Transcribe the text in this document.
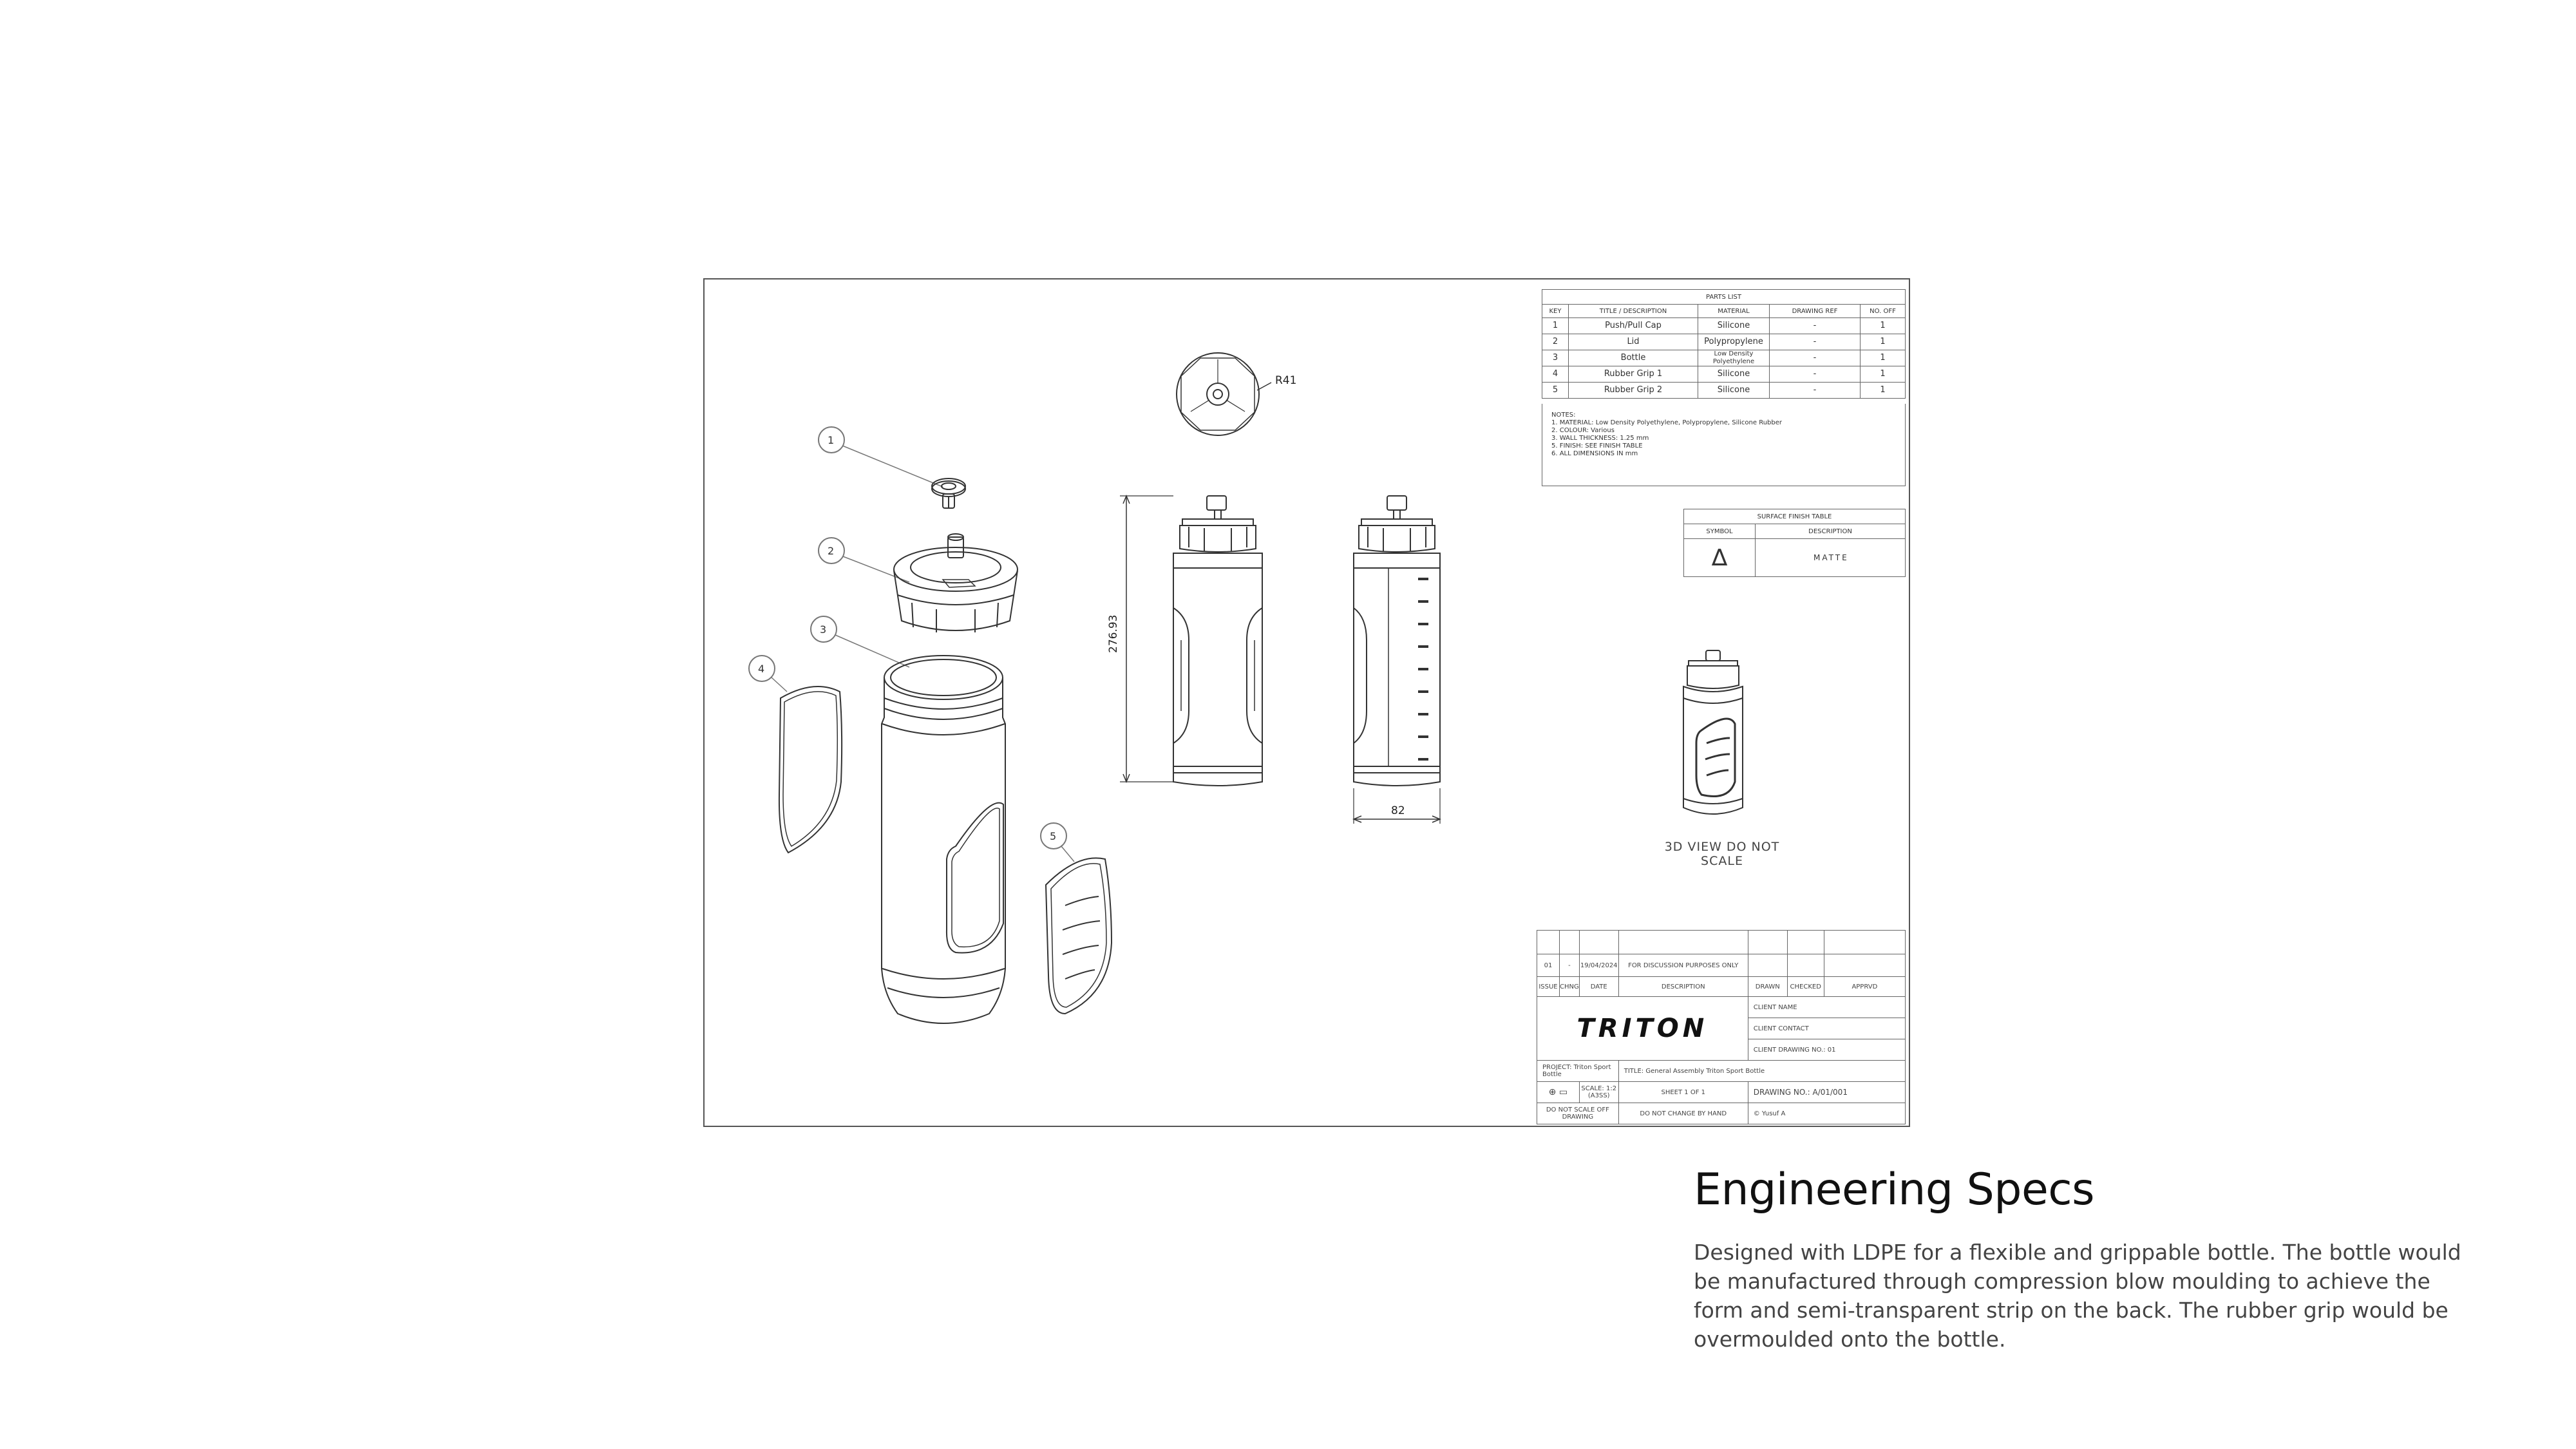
1
2
3
4
5
R41
276.93
82
PARTS LIST				
KEY	TITLE / DESCRIPTION	MATERIAL	DRAWING REF	NO. OFF
1	Push/Pull Cap	Silicone	-	1
2	Lid	Polypropylene	-	1
3	Bottle	Low Density Polyethylene	-	1
4	Rubber Grip 1	Silicone	-	1
5	Rubber Grip 2	Silicone	-	1
NOTES:
1. MATERIAL: Low Density Polyethylene, Polypropylene, Silicone Rubber
2. COLOUR: Various
3. WALL THICKNESS: 1.25 mm
5. FINISH: SEE FINISH TABLE
6. ALL DIMENSIONS IN mm
SURFACE FINISH TABLE	
SYMBOL	DESCRIPTION
∆	MATTE
3D VIEW DO NOT SCALE

01	-	19/04/2024	FOR DISCUSSION PURPOSES ONLY			
ISSUE	CHNG	DATE	DESCRIPTION	DRAWN	CHECKED	APPRVD
TRITON				CLIENT NAME		
				CLIENT CONTACT		
				CLIENT DRAWING NO.: 01		
PROJECT: Triton Sport Bottle			TITLE: General Assembly Triton Sport Bottle			
⊕ ▭		SCALE: 1:2 (A3SS)	SHEET 1 OF 1	DRAWING NO.: A/01/001		
DO NOT SCALE OFF DRAWING			DO NOT CHANGE BY HAND	© Yusuf A		
Engineering Specs

Designed with LDPE for a flexible and grippable bottle. The bottle would be manufactured through compression blow moulding to achieve the form and semi-transparent strip on the back. The rubber grip would be overmoulded onto the bottle.
